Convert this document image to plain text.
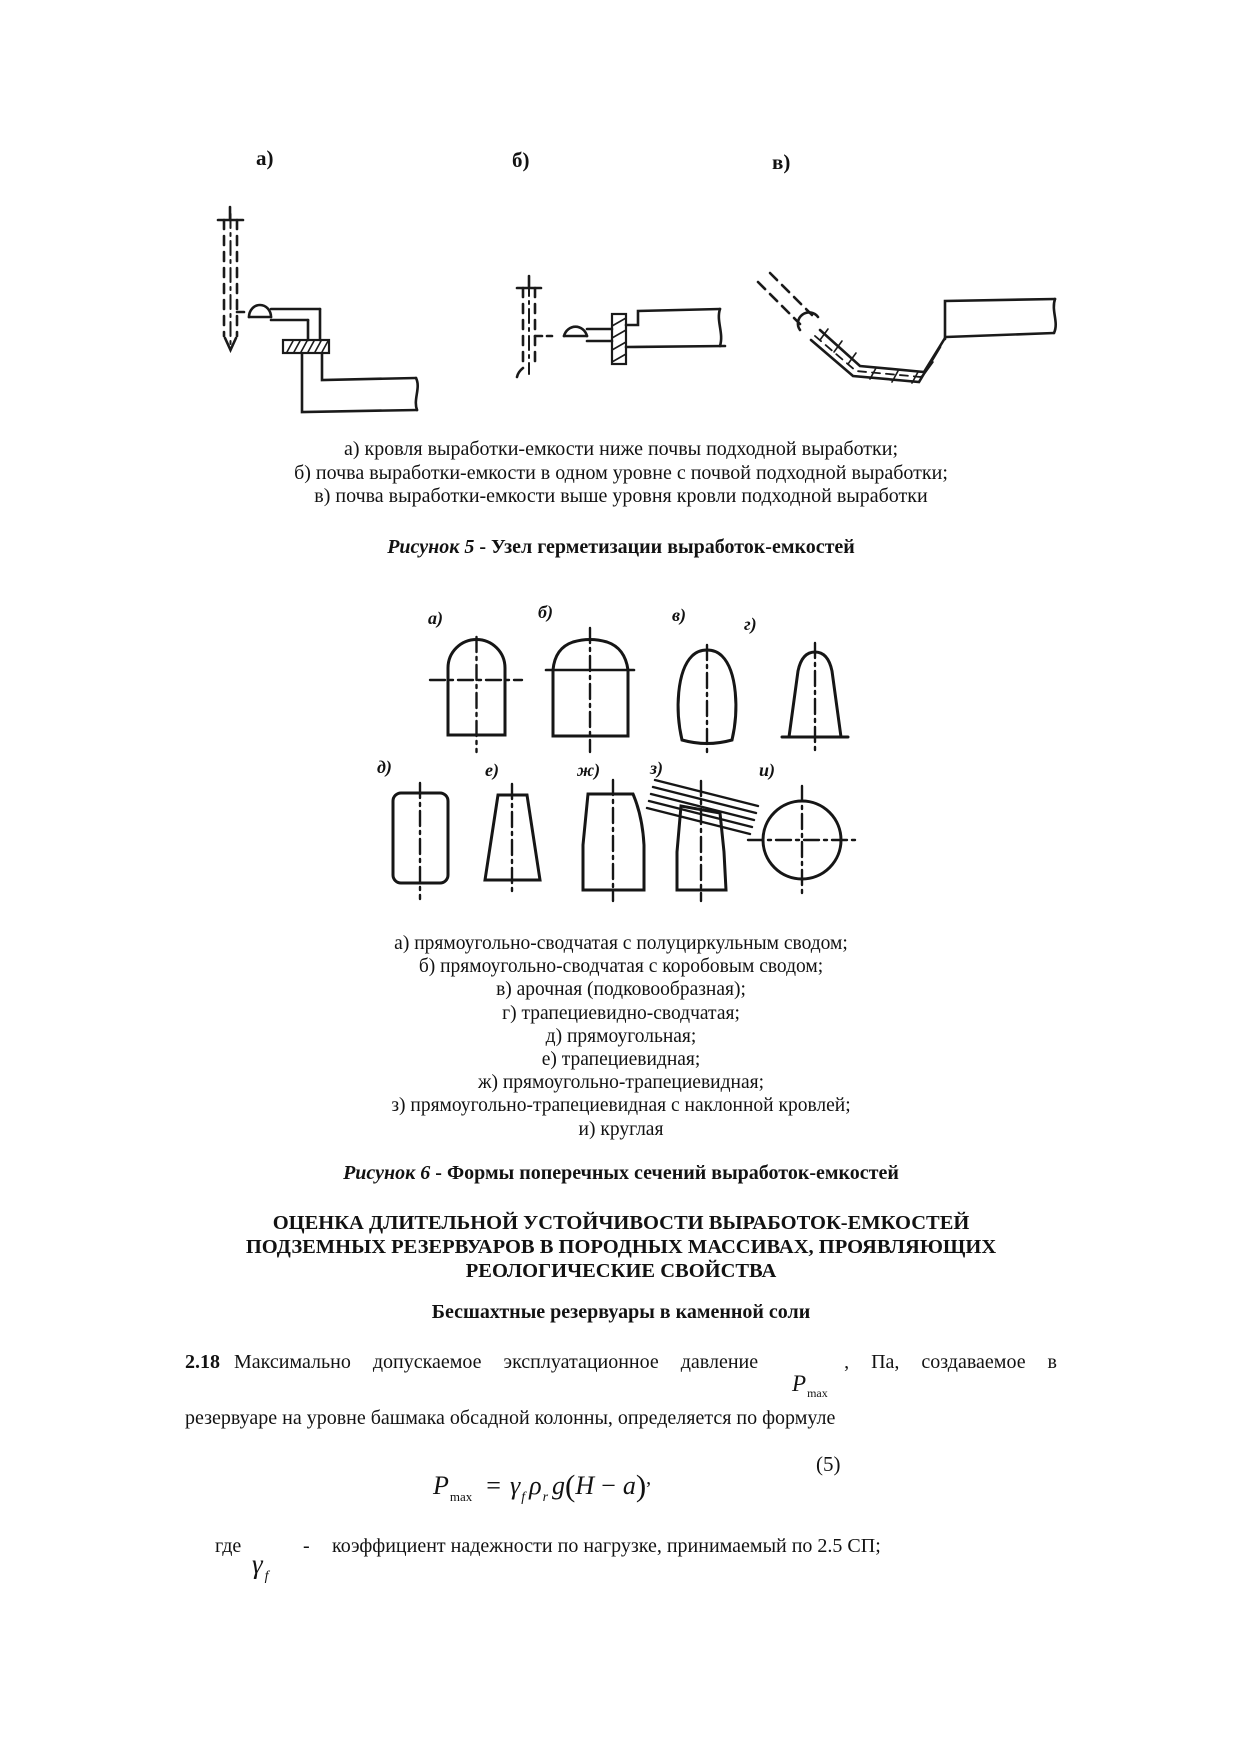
а)	б)	в)
а) кровля выработки-емкости ниже почвы подходной выработки;
б) почва выработки-емкости в одном уровне с почвой подходной выработки;
в) почва выработки-емкости выше уровня кровли подходной выработки
Рисунок 5 - Узел герметизации выработок-емкостей
а)	б)	в)	г)
д)	е)	ж)	з)	и)
а) прямоугольно-сводчатая с полуциркульным сводом;
б) прямоугольно-сводчатая с коробовым сводом;
в) арочная (подковообразная);
г) трапециевидно-сводчатая;
д) прямоугольная;
е) трапециевидная;
ж) прямоугольно-трапециевидная;
з) прямоугольно-трапециевидная с наклонной кровлей;
и) круглая
Рисунок 6 - Формы поперечных сечений выработок-емкостей
ОЦЕНКА ДЛИТЕЛЬНОЙ УСТОЙЧИВОСТИ ВЫРАБОТОК-ЕМКОСТЕЙ
ПОДЗЕМНЫХ РЕЗЕРВУАРОВ В ПОРОДНЫХ МАССИВАХ, ПРОЯВЛЯЮЩИХ
РЕОЛОГИЧЕСКИЕ СВОЙСТВА
Бесшахтные резервуары в каменной соли
2.18 Максимально допускаемое эксплуатационное давление	, Па, создаваемое в
$P_{max}$
резервуаре на уровне башмака обсадной колонны, определяется по формуле
$P_{max} = \gamma_f$ $\rho_r$ g(H − a),
(5)
где
γ $_f$
- коэффициент надежности по нагрузке, принимаемый по 2.5 СП;
